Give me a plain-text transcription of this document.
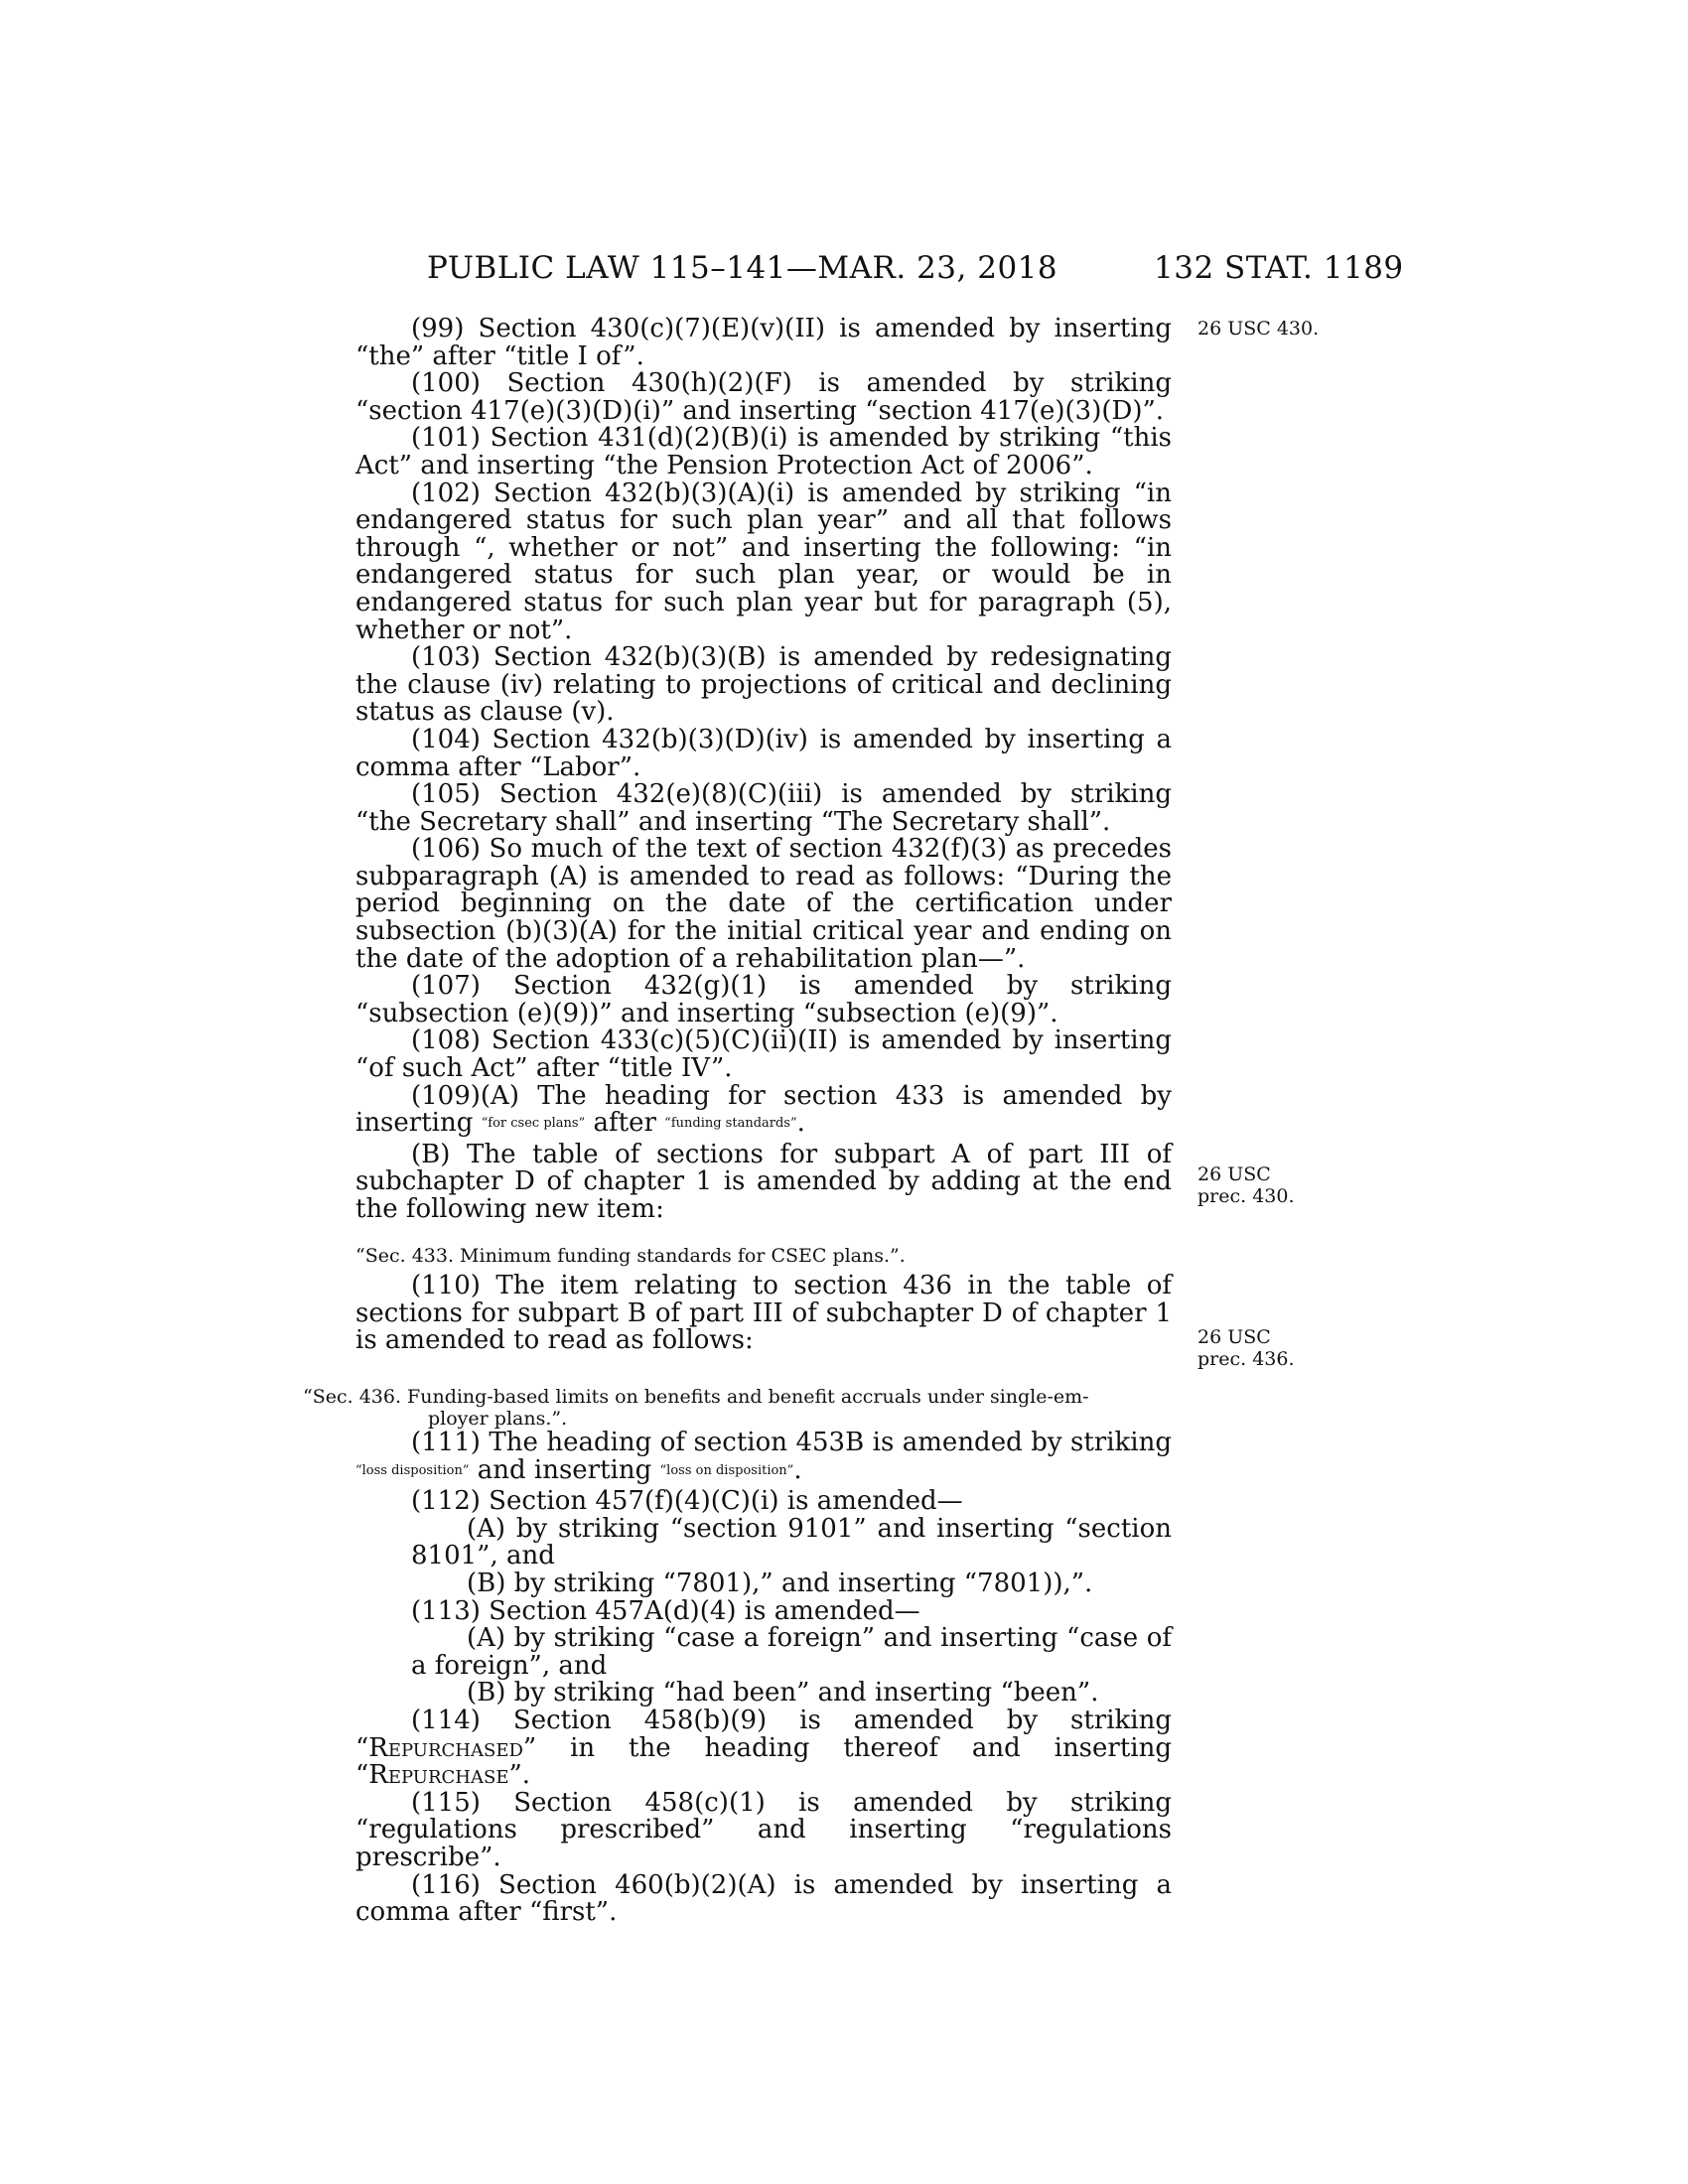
PUBLIC LAW 115–141—MAR. 23, 2018	132 STAT. 1189

(99) Section 430(c)(7)(E)(v)(II) is amended by inserting “the” after “title I of”.

(100) Section 430(h)(2)(F) is amended by striking “section 417(e)(3)(D)(i)” and inserting “section 417(e)(3)(D)”.

(101) Section 431(d)(2)(B)(i) is amended by striking “this Act” and inserting “the Pension Protection Act of 2006”.

(102) Section 432(b)(3)(A)(i) is amended by striking “in endangered status for such plan year” and all that follows through “, whether or not” and inserting the following: “in endangered status for such plan year, or would be in endangered status for such plan year but for paragraph (5), whether or not”.

(103) Section 432(b)(3)(B) is amended by redesignating the clause (iv) relating to projections of critical and declining status as clause (v).

(104) Section 432(b)(3)(D)(iv) is amended by inserting a comma after “Labor”.

(105) Section 432(e)(8)(C)(iii) is amended by striking “the Secretary shall” and inserting “The Secretary shall”.

(106) So much of the text of section 432(f)(3) as precedes subparagraph (A) is amended to read as follows: “During the period beginning on the date of the certification under subsection (b)(3)(A) for the initial critical year and ending on the date of the adoption of a rehabilitation plan—”.

(107) Section 432(g)(1) is amended by striking “subsection (e)(9))” and inserting “subsection (e)(9)”.

(108) Section 433(c)(5)(C)(ii)(II) is amended by inserting “of such Act” after “title IV”.

(109)(A) The heading for section 433 is amended by inserting “for csec plans” after “funding standards”.

(B) The table of sections for subpart A of part III of subchapter D of chapter 1 is amended by adding at the end the following new item:

26 USC 430.
26 USC
prec. 430.
“Sec. 433. Minimum funding standards for CSEC plans.”.

(110) The item relating to section 436 in the table of sections for subpart B of part III of subchapter D of chapter 1 is amended to read as follows:	26 USC
prec. 436.
“Sec. 436. Funding-based limits on benefits and benefit accruals under single-em-
ployer plans.”.

(111) The heading of section 453B is amended by striking “loss disposition” and inserting “loss on disposition”.

(112) Section 457(f)(4)(C)(i) is amended—

(A) by striking “section 9101” and inserting “section 8101”, and

(B) by striking “7801),” and inserting “7801)),”.

(113) Section 457A(d)(4) is amended—

(A) by striking “case a foreign” and inserting “case of a foreign”, and

(B) by striking “had been” and inserting “been”.

(114) Section 458(b)(9) is amended by striking “Repurchased” in the heading thereof and inserting “Repurchase”.

(115) Section 458(c)(1) is amended by striking “regulations prescribed” and inserting “regulations prescribe”.

(116) Section 460(b)(2)(A) is amended by inserting a comma after “first”.
